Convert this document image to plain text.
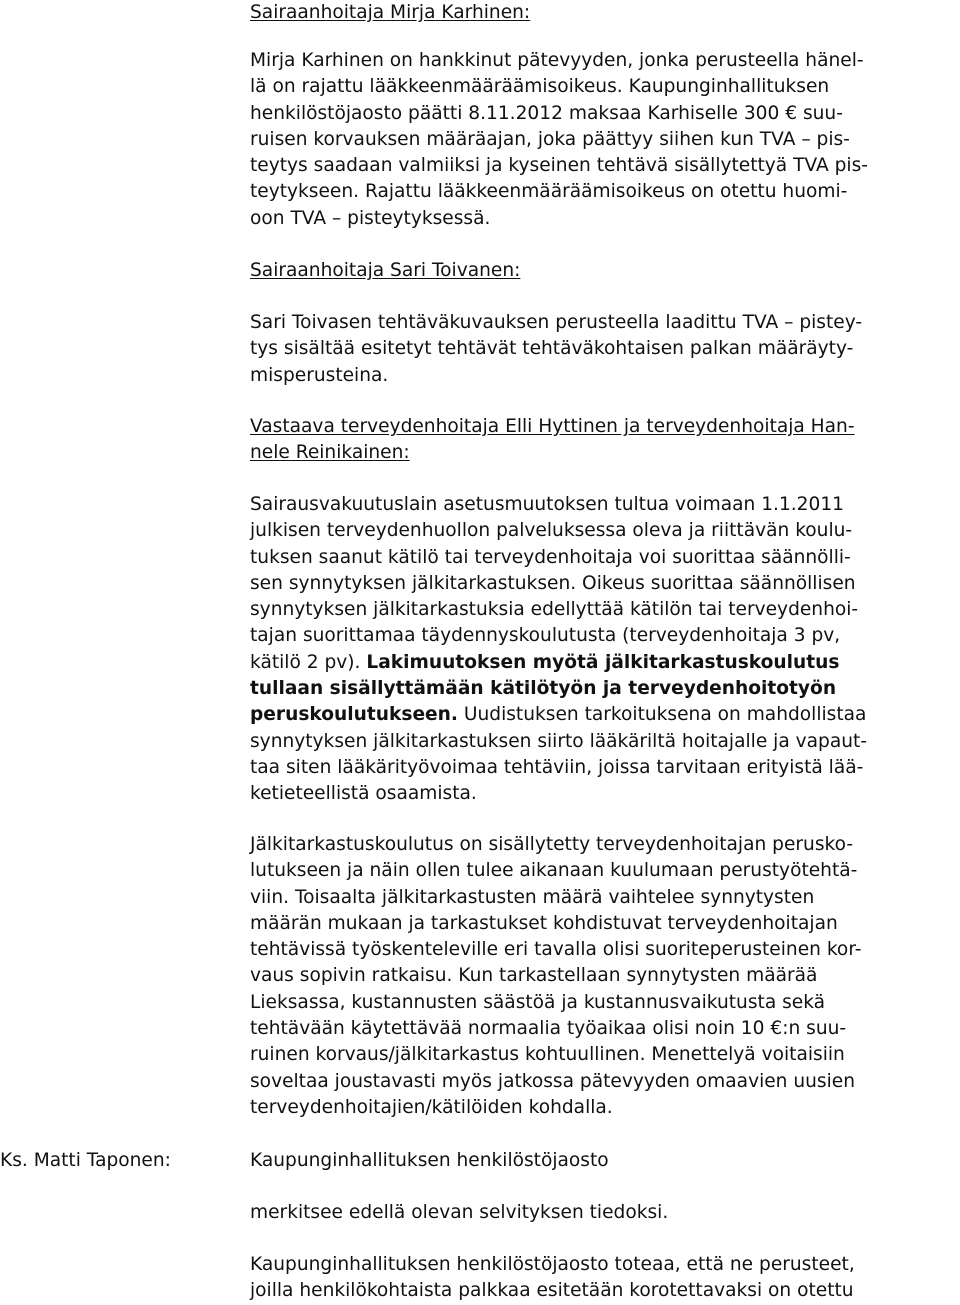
Sairaanhoitaja Mirja Karhinen:

Mirja Karhinen on hankkinut pätevyyden, jonka perusteella hänel-
lä on rajattu lääkkeenmääräämisoikeus. Kaupunginhallituksen
henkilöstöjaosto päätti 8.11.2012 maksaa Karhiselle 300 € suu-
ruisen korvauksen määräajan, joka päättyy siihen kun TVA – pis-
teytys saadaan valmiiksi ja kyseinen tehtävä sisällytettyä TVA pis-
teytykseen. Rajattu lääkkeenmääräämisoikeus on otettu huomi-
oon TVA – pisteytyksessä.

Sairaanhoitaja Sari Toivanen:

Sari Toivasen tehtäväkuvauksen perusteella laadittu TVA – pistey-
tys sisältää esitetyt tehtävät tehtäväkohtaisen palkan määräyty-
misperusteina.
Vastaava terveydenhoitaja Elli Hyttinen ja terveydenhoitaja Han-
nele Reinikainen:
Sairausvakuutuslain asetusmuutoksen tultua voimaan 1.1.2011
julkisen terveydenhuollon palveluksessa oleva ja riittävän koulu-
tuksen saanut kätilö tai terveydenhoitaja voi suorittaa säännölli-
sen synnytyksen jälkitarkastuksen. Oikeus suorittaa säännöllisen
synnytyksen jälkitarkastuksia edellyttää kätilön tai terveydenhoi-
tajan suorittamaa täydennyskoulutusta (terveydenhoitaja 3 pv,
kätilö 2 pv). Lakimuutoksen myötä jälkitarkastuskoulutus
tullaan sisällyttämään kätilötyön ja terveydenhoitotyön
peruskoulutukseen. Uudistuksen tarkoituksena on mahdollistaa
synnytyksen jälkitarkastuksen siirto lääkäriltä hoitajalle ja vapaut-
taa siten lääkärityövoimaa tehtäviin, joissa tarvitaan erityistä lää-
ketieteellistä osaamista.
Jälkitarkastuskoulutus on sisällytetty terveydenhoitajan perusko-
lutukseen ja näin ollen tulee aikanaan kuulumaan perustyötehtä-
viin. Toisaalta jälkitarkastusten määrä vaihtelee synnytysten
määrän mukaan ja tarkastukset kohdistuvat terveydenhoitajan
tehtävissä työskenteleville eri tavalla olisi suoriteperusteinen kor-
vaus sopivin ratkaisu. Kun tarkastellaan synnytysten määrää
Lieksassa, kustannusten säästöä ja kustannusvaikutusta sekä
tehtävään käytettävää normaalia työaikaa olisi noin 10 €:n suu-
ruinen korvaus/jälkitarkastus kohtuullinen. Menettelyä voitaisiin
soveltaa joustavasti myös jatkossa pätevyyden omaavien uusien
terveydenhoitajien/kätilöiden kohdalla.

Ks. Matti Taponen:	Kaupunginhallituksen henkilöstöjaosto
merkitsee edellä olevan selvityksen tiedoksi.
Kaupunginhallituksen henkilöstöjaosto toteaa, että ne perusteet,
joilla henkilökohtaista palkkaa esitetään korotettavaksi on otettu
